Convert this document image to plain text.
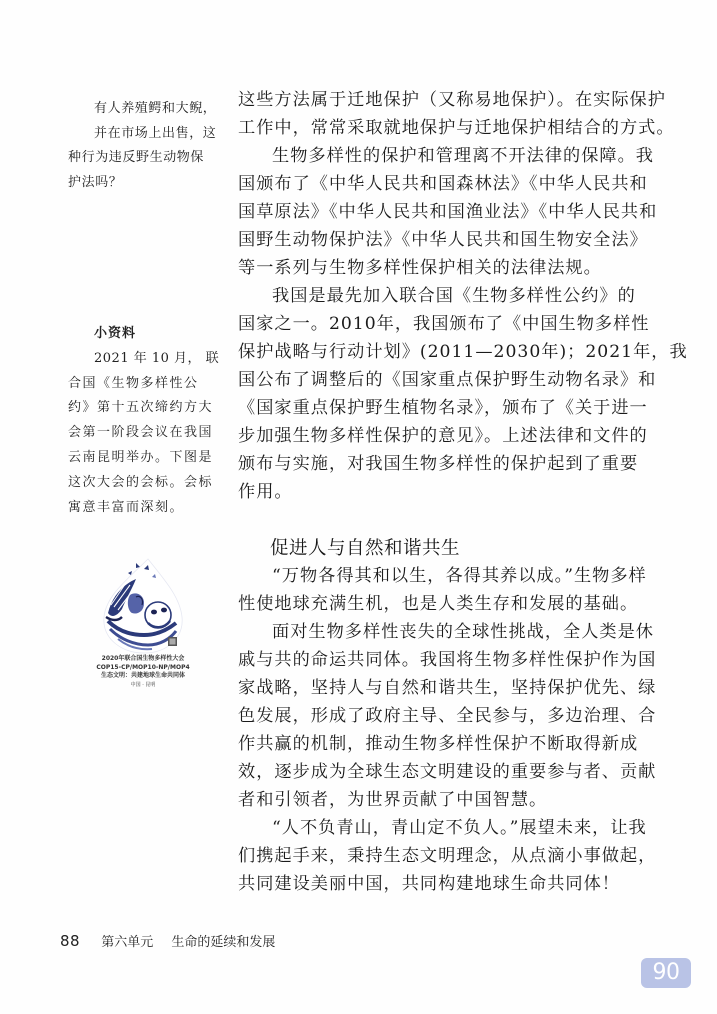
有人养殖鳄和大鲵，
并在市场上出售，这
种行为违反野生动物保
护法吗？
小资料
2021 年 10 月， 联
合国《生物多样性公
约》第十五次缔约方大
会第一阶段会议在我国
云南昆明举办。下图是
这次大会的会标。会标
寓意丰富而深刻。
2020年联合国生物多样性大会
COP15-CP/MOP10-NP/MOP4
生态文明：共建地球生命共同体
中国 · 昆明
这些方法属于迁地保护（又称易地保护）。在实际保护
工作中，常常采取就地保护与迁地保护相结合的方式。
生物多样性的保护和管理离不开法律的保障。我
国颁布了《中华人民共和国森林法》《中华人民共和
国草原法》《中华人民共和国渔业法》《中华人民共和
国野生动物保护法》《中华人民共和国生物安全法》
等一系列与生物多样性保护相关的法律法规。
我国是最先加入联合国《生物多样性公约》的
国家之一。2010年，我国颁布了《中国生物多样性
保护战略与行动计划》(2011—2030年)；2021年，我
国公布了调整后的《国家重点保护野生动物名录》和
《国家重点保护野生植物名录》，颁布了《关于进一
步加强生物多样性保护的意见》。上述法律和文件的
颁布与实施，对我国生物多样性的保护起到了重要
作用。
促进人与自然和谐共生
“万物各得其和以生，各得其养以成。”生物多样
性使地球充满生机，也是人类生存和发展的基础。
面对生物多样性丧失的全球性挑战，全人类是休
戚与共的命运共同体。我国将生物多样性保护作为国
家战略，坚持人与自然和谐共生，坚持保护优先、绿
色发展，形成了政府主导、全民参与，多边治理、合
作共赢的机制，推动生物多样性保护不断取得新成
效，逐步成为全球生态文明建设的重要参与者、贡献
者和引领者，为世界贡献了中国智慧。
“人不负青山，青山定不负人。”展望未来，让我
们携起手来，秉持生态文明理念，从点滴小事做起，
共同建设美丽中国，共同构建地球生命共同体！
88 第六单元 生命的延续和发展
90
